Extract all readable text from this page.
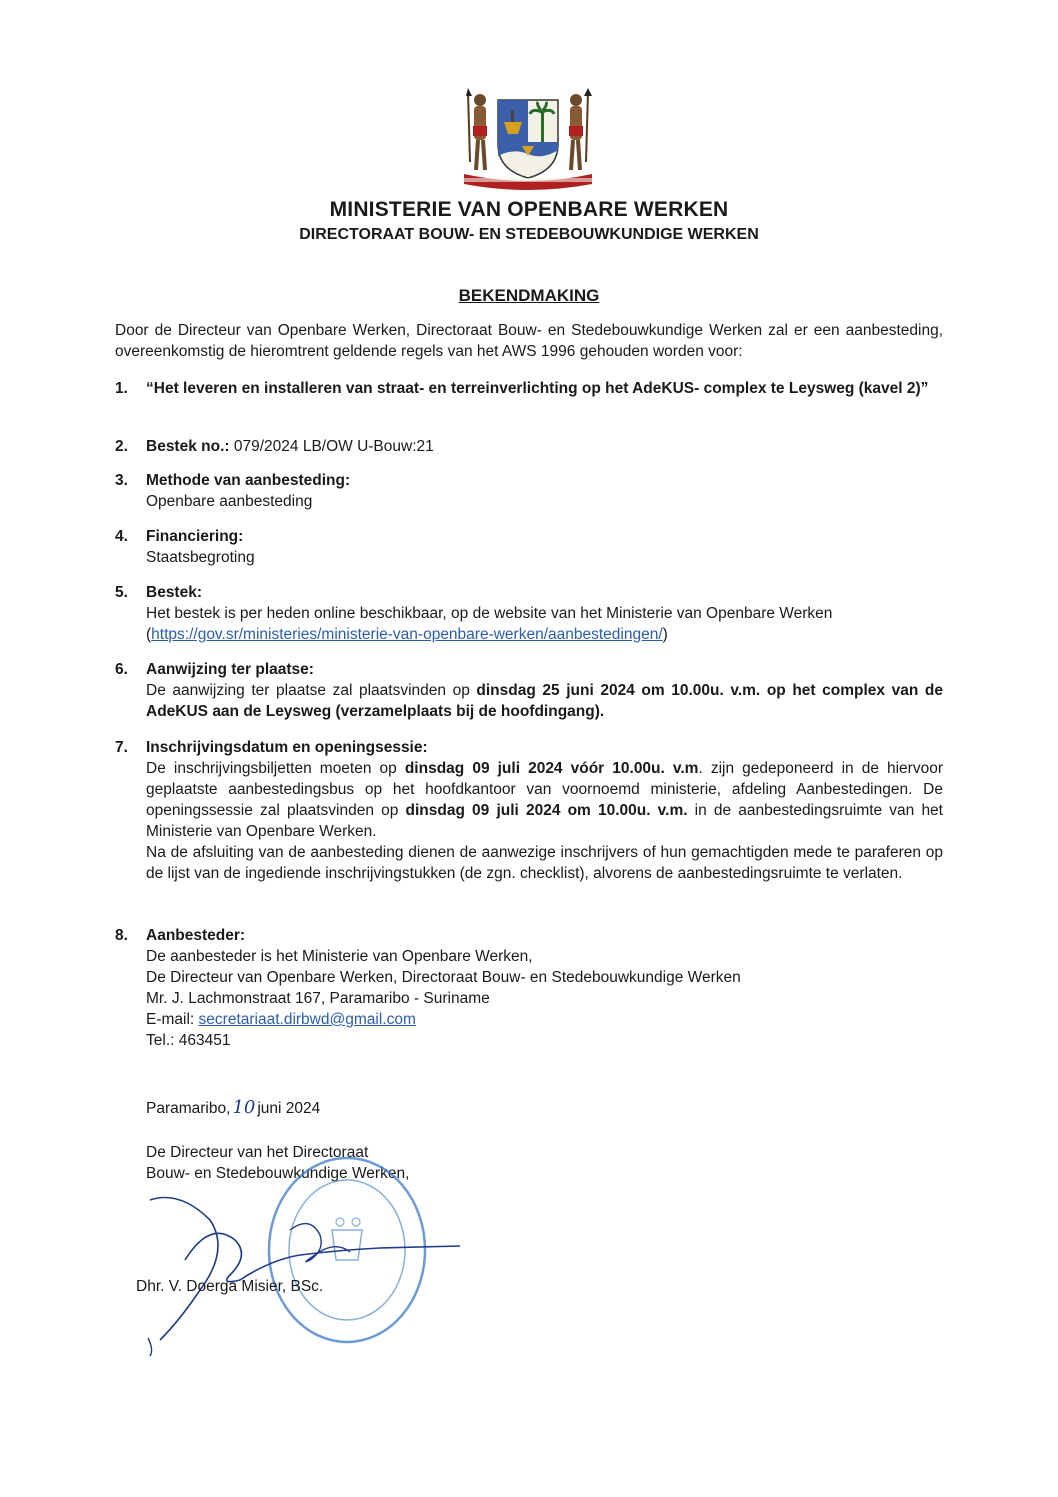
MINISTERIE VAN OPENBARE WERKEN
DIRECTORAAT BOUW- EN STEDEBOUWKUNDIGE WERKEN
BEKENDMAKING
Door de Directeur van Openbare Werken, Directoraat Bouw- en Stedebouwkundige Werken zal er een aanbesteding, overeenkomstig de hieromtrent geldende regels van het AWS 1996 gehouden worden voor:
1. “Het leveren en installeren van straat- en terreinverlichting op het AdeKUS- complex te Leysweg (kavel 2)”
2. Bestek no.: 079/2024 LB/OW U-Bouw:21
3. Methode van aanbesteding:
Openbare aanbesteding
4. Financiering:
Staatsbegroting
5. Bestek:
Het bestek is per heden online beschikbaar, op de website van het Ministerie van Openbare Werken
(https://gov.sr/ministeries/ministerie-van-openbare-werken/aanbestedingen/)
6. Aanwijzing ter plaatse:
De aanwijzing ter plaatse zal plaatsvinden op dinsdag 25 juni 2024 om 10.00u. v.m. op het complex van de AdeKUS aan de Leysweg (verzamelplaats bij de hoofdingang).
7. Inschrijvingsdatum en openingsessie:
De inschrijvingsbiljetten moeten op dinsdag 09 juli 2024 vóór 10.00u. v.m. zijn gedeponeerd in de hiervoor geplaatste aanbestedingsbus op het hoofdkantoor van voornoemd ministerie, afdeling Aanbestedingen. De openingssessie zal plaatsvinden op dinsdag 09 juli 2024 om 10.00u. v.m. in de aanbestedingsruimte van het Ministerie van Openbare Werken.
Na de afsluiting van de aanbesteding dienen de aanwezige inschrijvers of hun gemachtigden mede te paraferen op de lijst van de ingediende inschrijvingstukken (de zgn. checklist), alvorens de aanbestedingsruimte te verlaten.
8. Aanbesteder:
De aanbesteder is het Ministerie van Openbare Werken,
De Directeur van Openbare Werken, Directoraat Bouw- en Stedebouwkundige Werken
Mr. J. Lachmonstraat 167, Paramaribo - Suriname
E-mail: secretariaat.dirbwd@gmail.com
Tel.: 463451
Paramaribo, 10 juni 2024
De Directeur van het Directoraat
Bouw- en Stedebouwkundige Werken,
Dhr. V. Doerga Misier, BSc.
